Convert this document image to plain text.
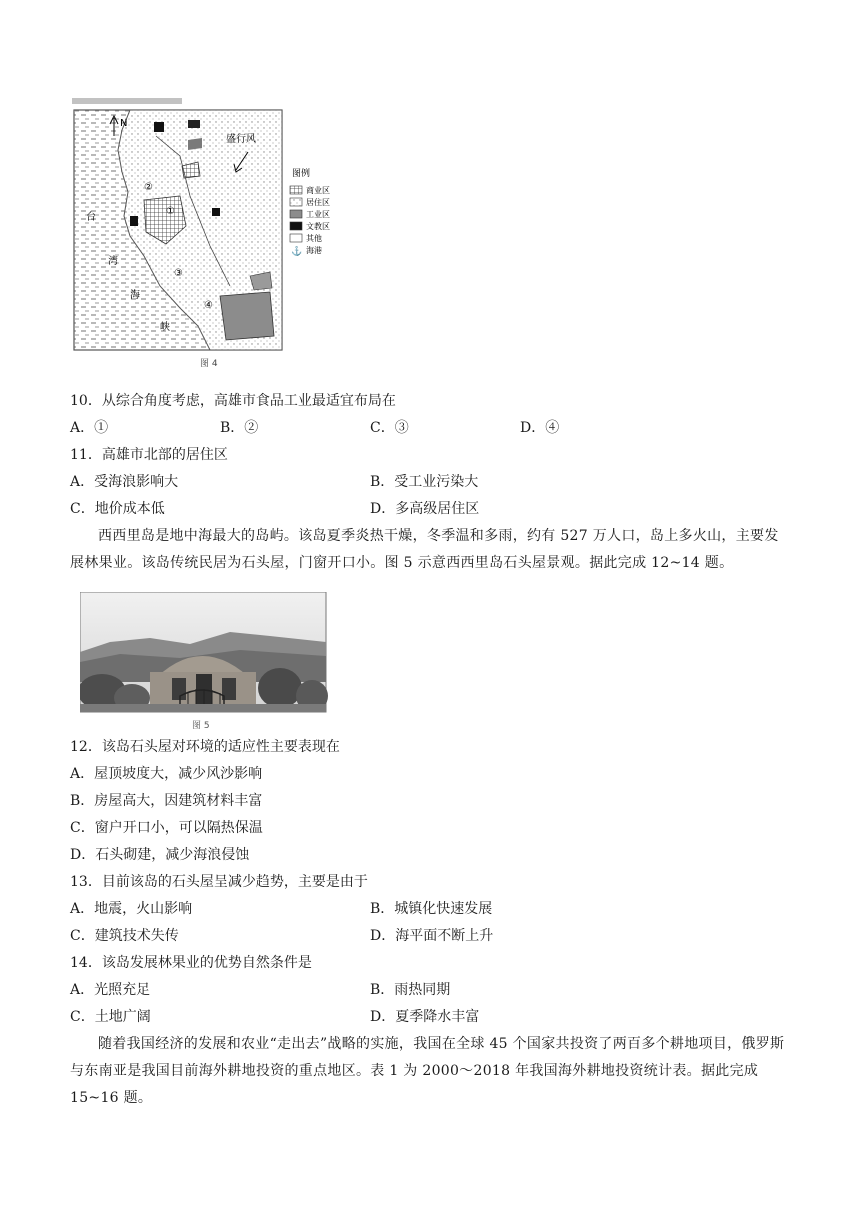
①
②
③
④
N
盛行风
台
湾
海
峡
图例
⚓
商业区
居住区
工业区
文教区
其他
海港
图 4
10．从综合角度考虑，高雄市食品工业最适宜布局在
A．①	B．②	C．③	D．④
11．高雄市北部的居住区
A．受海浪影响大	B．受工业污染大
C．地价成本低	D．多高级居住区
西西里岛是地中海最大的岛屿。该岛夏季炎热干燥，冬季温和多雨，约有 527 万人口，岛上多火山，主要发展林果业。该岛传统民居为石头屋，门窗开口小。图 5 示意西西里岛石头屋景观。据此完成 12~14 题。
图 5
12．该岛石头屋对环境的适应性主要表现在
A．屋顶坡度大，减少风沙影响
B．房屋高大，因建筑材料丰富
C．窗户开口小，可以隔热保温
D．石头砌建，减少海浪侵蚀
13．目前该岛的石头屋呈减少趋势，主要是由于
A．地震，火山影响	B．城镇化快速发展
C．建筑技术失传	D．海平面不断上升
14．该岛发展林果业的优势自然条件是
A．光照充足	B．雨热同期
C．土地广阔	D．夏季降水丰富
随着我国经济的发展和农业“走出去”战略的实施，我国在全球 45 个国家共投资了两百多个耕地项目，俄罗斯与东南亚是我国目前海外耕地投资的重点地区。表 1 为 2000～2018 年我国海外耕地投资统计表。据此完成 15~16 题。
